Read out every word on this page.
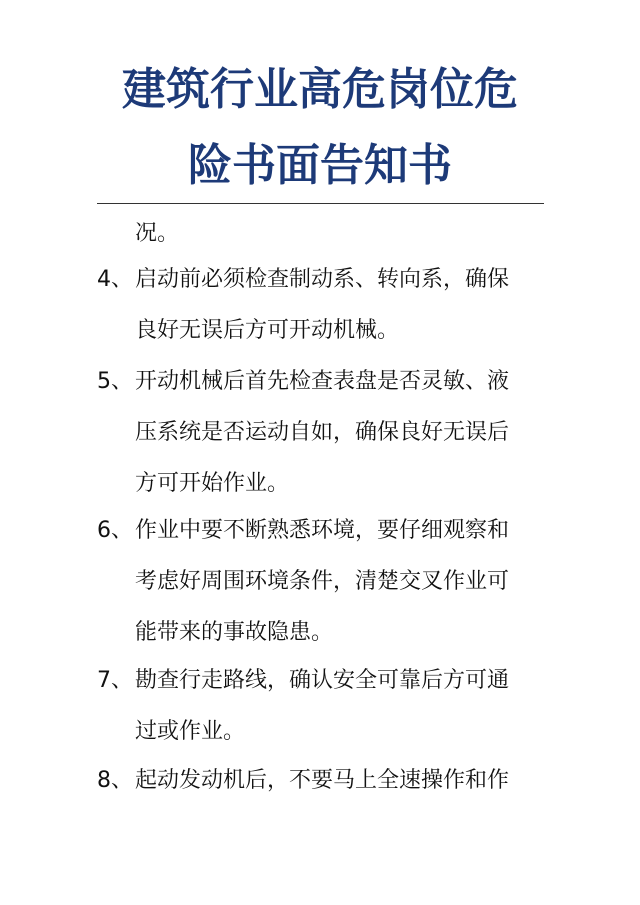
建筑行业高危岗位危
险书面告知书
况。
4、 启动前必须检查制动系、转向系，确保
良好无误后方可开动机械。
5、 开动机械后首先检查表盘是否灵敏、液
压系统是否运动自如，确保良好无误后
方可开始作业。
6、 作业中要不断熟悉环境，要仔细观察和
考虑好周围环境条件，清楚交叉作业可
能带来的事故隐患。
7、 勘查行走路线，确认安全可靠后方可通
过或作业。
8、 起动发动机后，不要马上全速操作和作
